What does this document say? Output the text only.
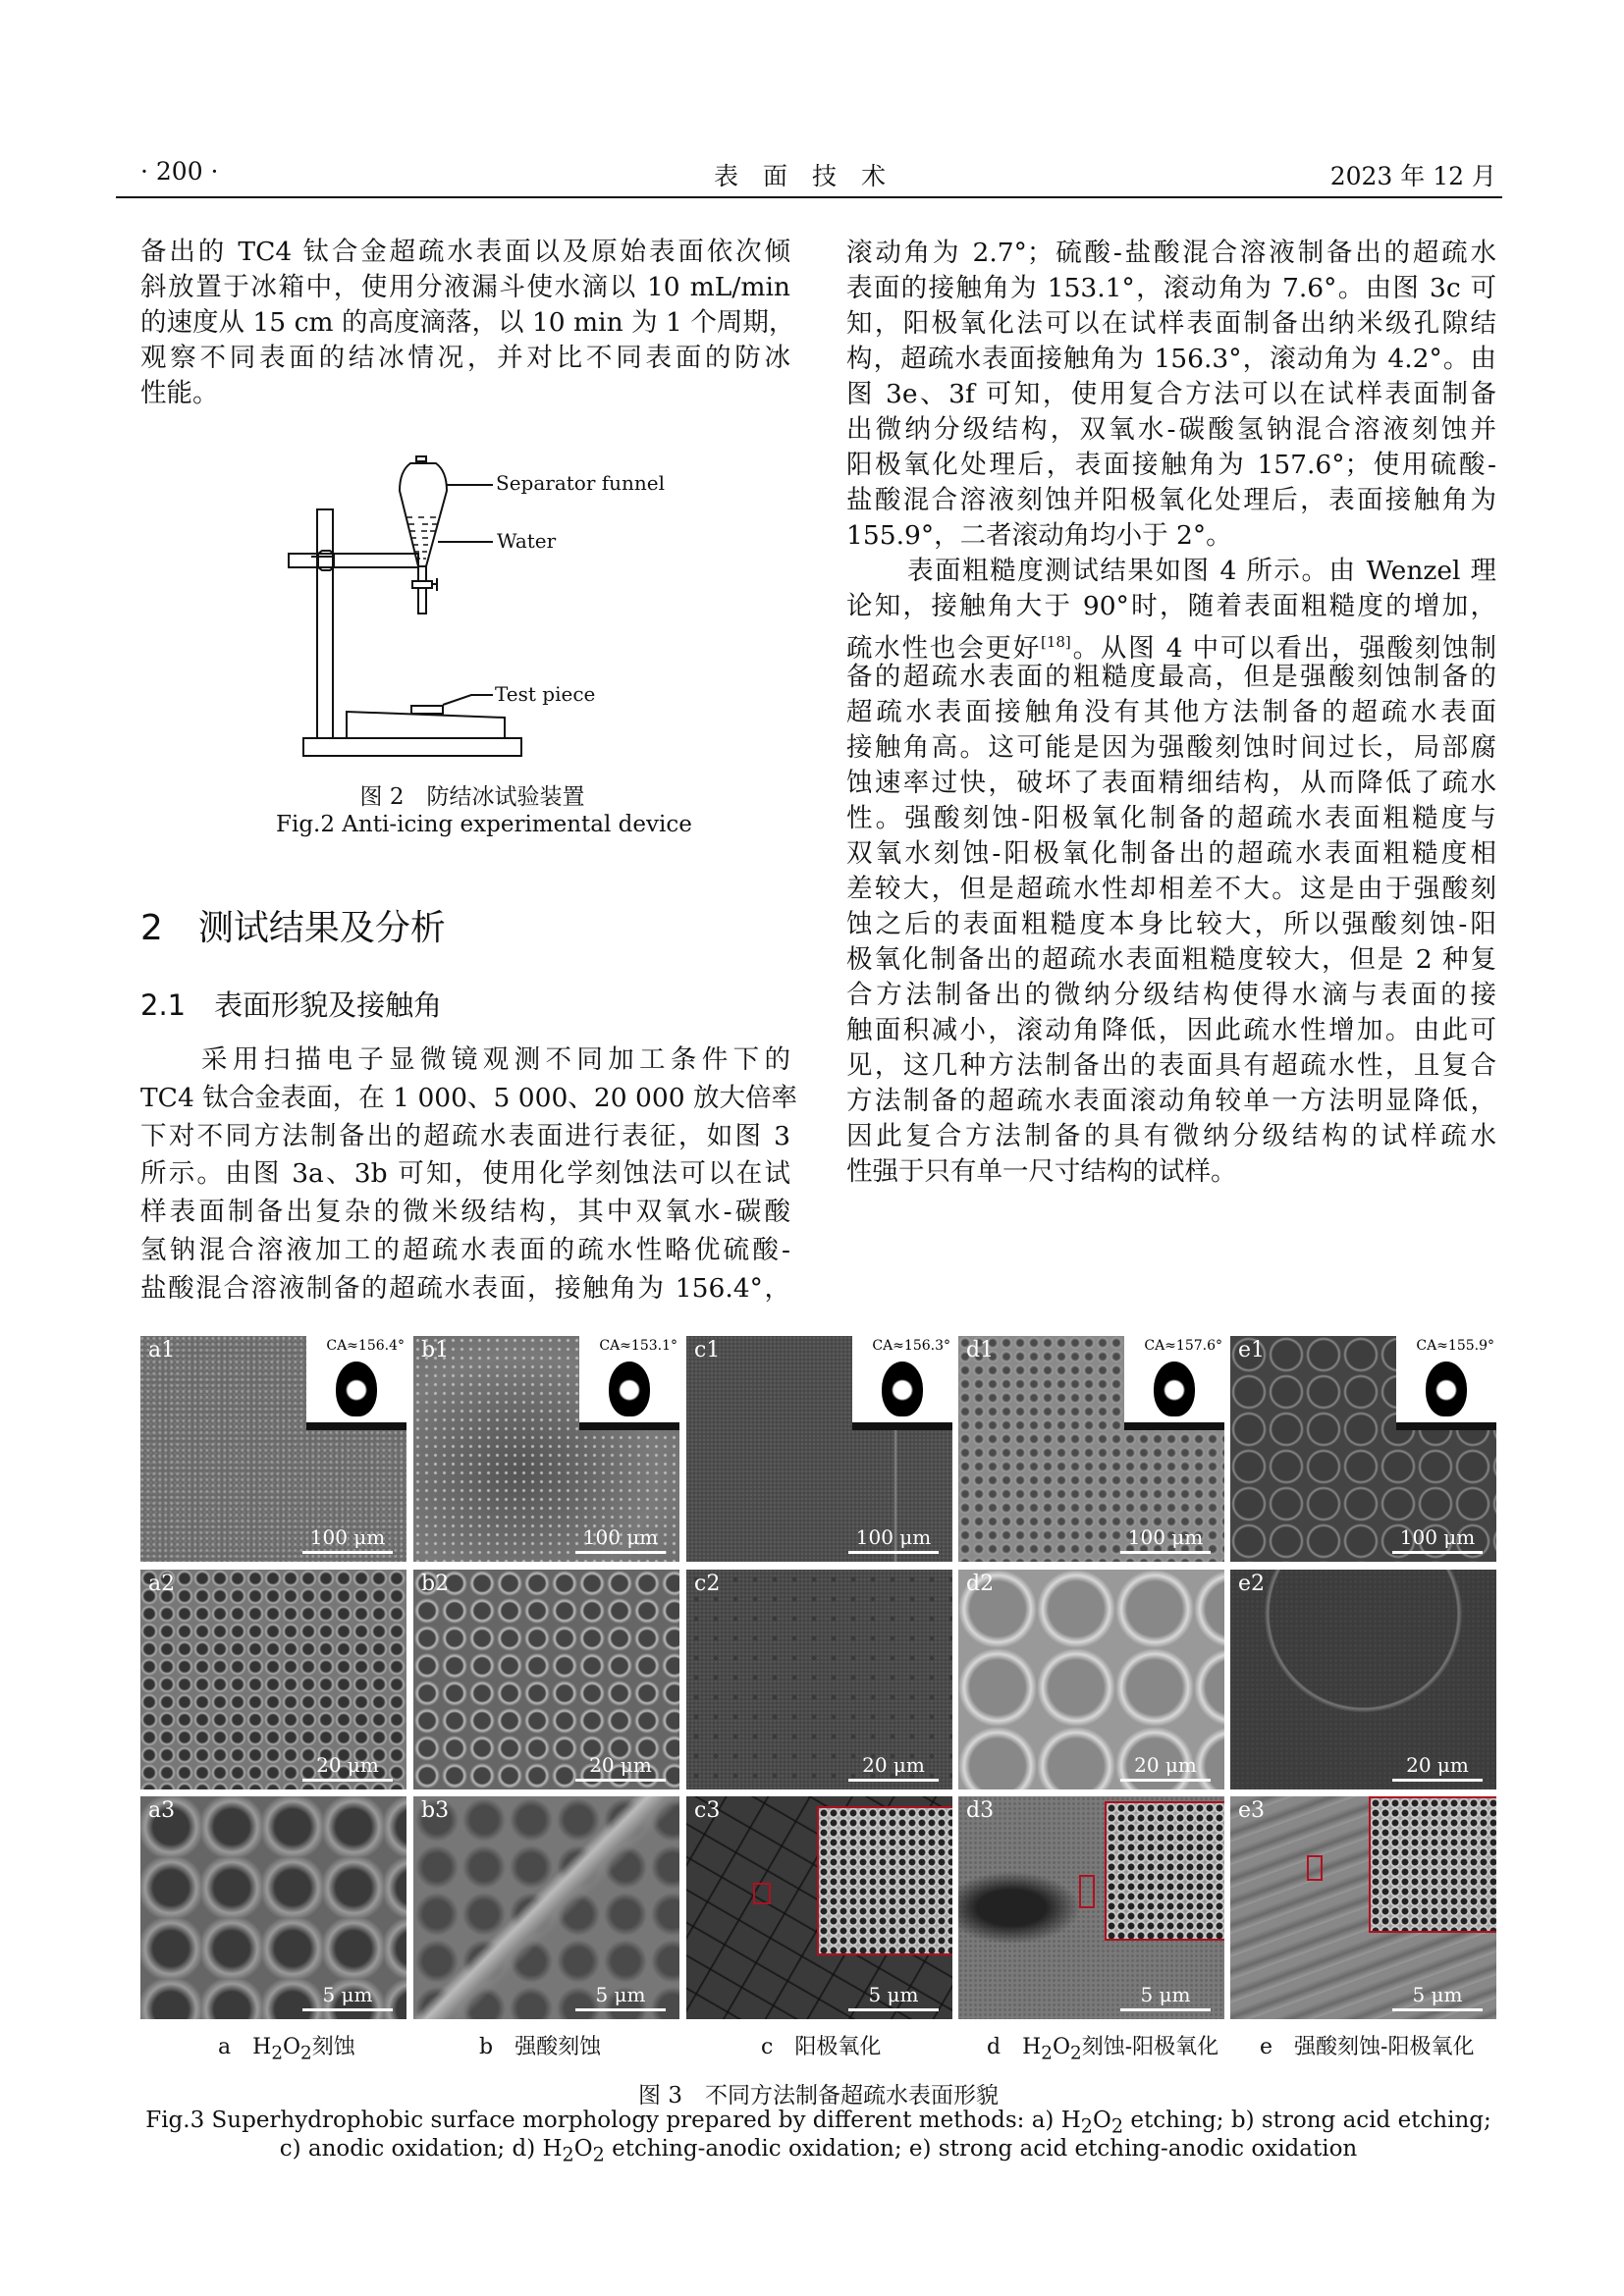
· 200 ·	表　面　技　术	2023 年 12 月
备出的 TC4 钛合金超疏水表面以及原始表面依次倾
斜放置于冰箱中，使用分液漏斗使水滴以 10 mL/min
的速度从 15 cm 的高度滴落，以 10 min 为 1 个周期，
观察不同表面的结冰情况，并对比不同表面的防冰
性能。
Separator funnel
Water
Test piece
图 2　防结冰试验装置
Fig.2 Anti-icing experimental device
2　测试结果及分析
2.1　表面形貌及接触角
采用扫描电子显微镜观测不同加工条件下的
TC4 钛合金表面，在 1 000、5 000、20 000 放大倍率
下对不同方法制备出的超疏水表面进行表征，如图 3
所示。由图 3a、3b 可知，使用化学刻蚀法可以在试
样表面制备出复杂的微米级结构，其中双氧水-碳酸
氢钠混合溶液加工的超疏水表面的疏水性略优硫酸-
盐酸混合溶液制备的超疏水表面，接触角为 156.4°，
滚动角为 2.7°；硫酸-盐酸混合溶液制备出的超疏水
表面的接触角为 153.1°，滚动角为 7.6°。由图 3c 可
知，阳极氧化法可以在试样表面制备出纳米级孔隙结
构，超疏水表面接触角为 156.3°，滚动角为 4.2°。由
图 3e、3f 可知，使用复合方法可以在试样表面制备
出微纳分级结构，双氧水-碳酸氢钠混合溶液刻蚀并
阳极氧化处理后，表面接触角为 157.6°；使用硫酸-
盐酸混合溶液刻蚀并阳极氧化处理后，表面接触角为
155.9°，二者滚动角均小于 2°。
表面粗糙度测试结果如图 4 所示。由 Wenzel 理
论知，接触角大于 90°时，随着表面粗糙度的增加，
疏水性也会更好[18]。从图 4 中可以看出，强酸刻蚀制
备的超疏水表面的粗糙度最高，但是强酸刻蚀制备的
超疏水表面接触角没有其他方法制备的超疏水表面
接触角高。这可能是因为强酸刻蚀时间过长，局部腐
蚀速率过快，破坏了表面精细结构，从而降低了疏水
性。强酸刻蚀-阳极氧化制备的超疏水表面粗糙度与
双氧水刻蚀-阳极氧化制备出的超疏水表面粗糙度相
差较大，但是超疏水性却相差不大。这是由于强酸刻
蚀之后的表面粗糙度本身比较大，所以强酸刻蚀-阳
极氧化制备出的超疏水表面粗糙度较大，但是 2 种复
合方法制备出的微纳分级结构使得水滴与表面的接
触面积减小，滚动角降低，因此疏水性增加。由此可
见，这几种方法制备出的表面具有超疏水性，且复合
方法制备的超疏水表面滚动角较单一方法明显降低，
因此复合方法制备的具有微纳分级结构的试样疏水
性强于只有单一尺寸结构的试样。
CA≈156.4°
a1
100 μm
a2
20 μm
a3
5 μm
CA≈153.1°
b1
100 μm
b2
20 μm
b3
5 μm
CA≈156.3°
c1
100 μm
c2
20 μm
c3
5 μm
CA≈157.6°
d1
100 μm
d2
20 μm
d3
5 μm
CA≈155.9°
e1
100 μm
e2
20 μm
e3
5 μm
a　 $H_2O_2$刻蚀	b　 强酸刻蚀	c　 阳极氧化	d　 $H_2O_2$刻蚀-阳极氧化 e　 强酸刻蚀-阳极氧化
图 3　不同方法制备超疏水表面形貌
Fig.3 Superhydrophobic surface morphology prepared by different methods: a) $H_2O_2$ etching; b) strong acid etching;
c) anodic oxidation; d) $H_2O_2$ etching-anodic oxidation; e) strong acid etching-anodic oxidation
